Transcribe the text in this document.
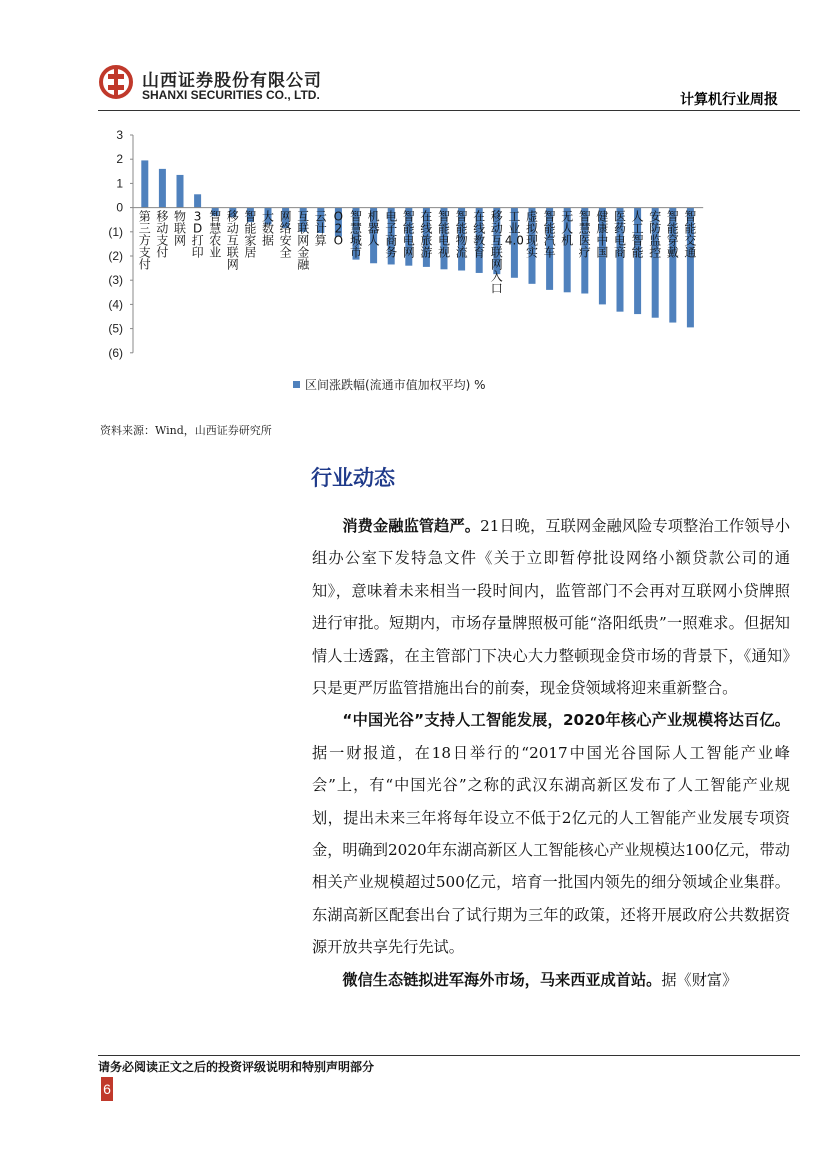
山西证券股份有限公司
SHANXI SECURITIES CO., LTD.	计算机行业周报
3
2
1
0
(1)
(2)
(3)
(4)
(5)
(6)
第三方支付
移动支付
物联网
3 D 打印
智慧农业
移动互联网
智能家居
大数据
网络安全
互联网金融
云计算
O 2 O
智慧城市
机器人
电子商务
智能电网
在线旅游
智能电视
智能物流
在线教育
移动互联网入口
工业 4.0
虚拟现实
智能汽车
无人机
智慧医疗
健康中国
医药电商
人工智能
安防监控
智能穿戴
智能交通
区间涨跌幅(流通市值加权平均) %
资料来源：Wind，山西证券研究所
行业动态

消费金融监管趋严。21日晚，互联网金融风险专项整治工作领导小组办公室下发特急文件《关于立即暂停批设网络小额贷款公司的通知》，意味着未来相当一段时间内，监管部门不会再对互联网小贷牌照进行审批。短期内，市场存量牌照极可能“洛阳纸贵”一照难求。但据知情人士透露，在主管部门下决心大力整顿现金贷市场的背景下，《通知》只是更严厉监管措施出台的前奏，现金贷领域将迎来重新整合。

“中国光谷”支持人工智能发展，2020年核心产业规模将达百亿。据一财报道，在18日举行的“2017中国光谷国际人工智能产业峰会”上，有“中国光谷”之称的武汉东湖高新区发布了人工智能产业规划，提出未来三年将每年设立不低于2亿元的人工智能产业发展专项资金，明确到2020年东湖高新区人工智能核心产业规模达100亿元，带动相关产业规模超过500亿元，培育一批国内领先的细分领域企业集群。东湖高新区配套出台了试行期为三年的政策，还将开展政府公共数据资源开放共享先行先试。

微信生态链拟进军海外市场，马来西亚成首站。据《财富》

请务必阅读正文之后的投资评级说明和特别声明部分
6
